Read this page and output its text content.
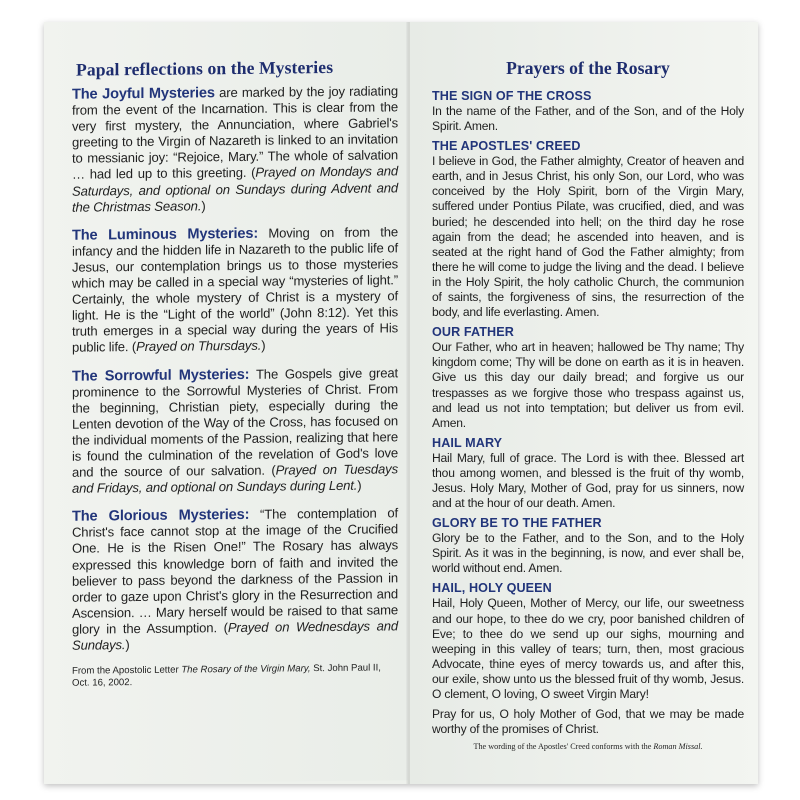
Papal reflections on the Mysteries

The Joyful Mysteries are marked by the joy radiating from the event of the Incarnation. This is clear from the very first mystery, the Annunciation, where Gabriel's greeting to the Virgin of Nazareth is linked to an invitation to messianic joy: “Rejoice, Mary.” The whole of salvation … had led up to this greeting. (Prayed on Mondays and Saturdays, and optional on Sundays during Advent and the Christmas Season.)

The Luminous Mysteries: Moving on from the infancy and the hidden life in Nazareth to the public life of Jesus, our contemplation brings us to those mysteries which may be called in a special way “mysteries of light.” Certainly, the whole mystery of Christ is a mystery of light. He is the “Light of the world” (John 8:12). Yet this truth emerges in a special way during the years of His public life. (Prayed on Thursdays.)

The Sorrowful Mysteries: The Gospels give great prominence to the Sorrowful Mysteries of Christ. From the beginning, Christian piety, especially during the Lenten devotion of the Way of the Cross, has focused on the individual moments of the Passion, realizing that here is found the culmination of the revelation of God's love and the source of our salvation. (Prayed on Tuesdays and Fridays, and optional on Sundays during Lent.)

The Glorious Mysteries: “The contemplation of Christ's face cannot stop at the image of the Crucified One. He is the Risen One!” The Rosary has always expressed this knowledge born of faith and invited the believer to pass beyond the darkness of the Passion in order to gaze upon Christ's glory in the Resurrection and Ascension. … Mary herself would be raised to that same glory in the Assumption. (Prayed on Wednesdays and Sundays.)

From the Apostolic Letter The Rosary of the Virgin Mary, St. John Paul II, Oct. 16, 2002.
Prayers of the Rosary
THE SIGN OF THE CROSS

In the name of the Father, and of the Son, and of the Holy Spirit. Amen.

THE APOSTLES' CREED

I believe in God, the Father almighty, Creator of heaven and earth, and in Jesus Christ, his only Son, our Lord, who was conceived by the Holy Spirit, born of the Virgin Mary, suffered under Pontius Pilate, was crucified, died, and was buried; he descended into hell; on the third day he rose again from the dead; he ascended into heaven, and is seated at the right hand of God the Father almighty; from there he will come to judge the living and the dead. I believe in the Holy Spirit, the holy catholic Church, the communion of saints, the forgiveness of sins, the resurrection of the body, and life everlasting. Amen.

OUR FATHER

Our Father, who art in heaven; hallowed be Thy name; Thy kingdom come; Thy will be done on earth as it is in heaven. Give us this day our daily bread; and forgive us our trespasses as we forgive those who trespass against us, and lead us not into temptation; but deliver us from evil. Amen.

HAIL MARY

Hail Mary, full of grace. The Lord is with thee. Blessed art thou among women, and blessed is the fruit of thy womb, Jesus. Holy Mary, Mother of God, pray for us sinners, now and at the hour of our death. Amen.

GLORY BE TO THE FATHER

Glory be to the Father, and to the Son, and to the Holy Spirit. As it was in the beginning, is now, and ever shall be, world without end. Amen.

HAIL, HOLY QUEEN

Hail, Holy Queen, Mother of Mercy, our life, our sweetness and our hope, to thee do we cry, poor banished children of Eve; to thee do we send up our sighs, mourning and weeping in this valley of tears; turn, then, most gracious Advocate, thine eyes of mercy towards us, and after this, our exile, show unto us the blessed fruit of thy womb, Jesus. O clement, O loving, O sweet Virgin Mary!

Pray for us, O holy Mother of God, that we may be made worthy of the promises of Christ.

The wording of the Apostles' Creed conforms with the Roman Missal.
